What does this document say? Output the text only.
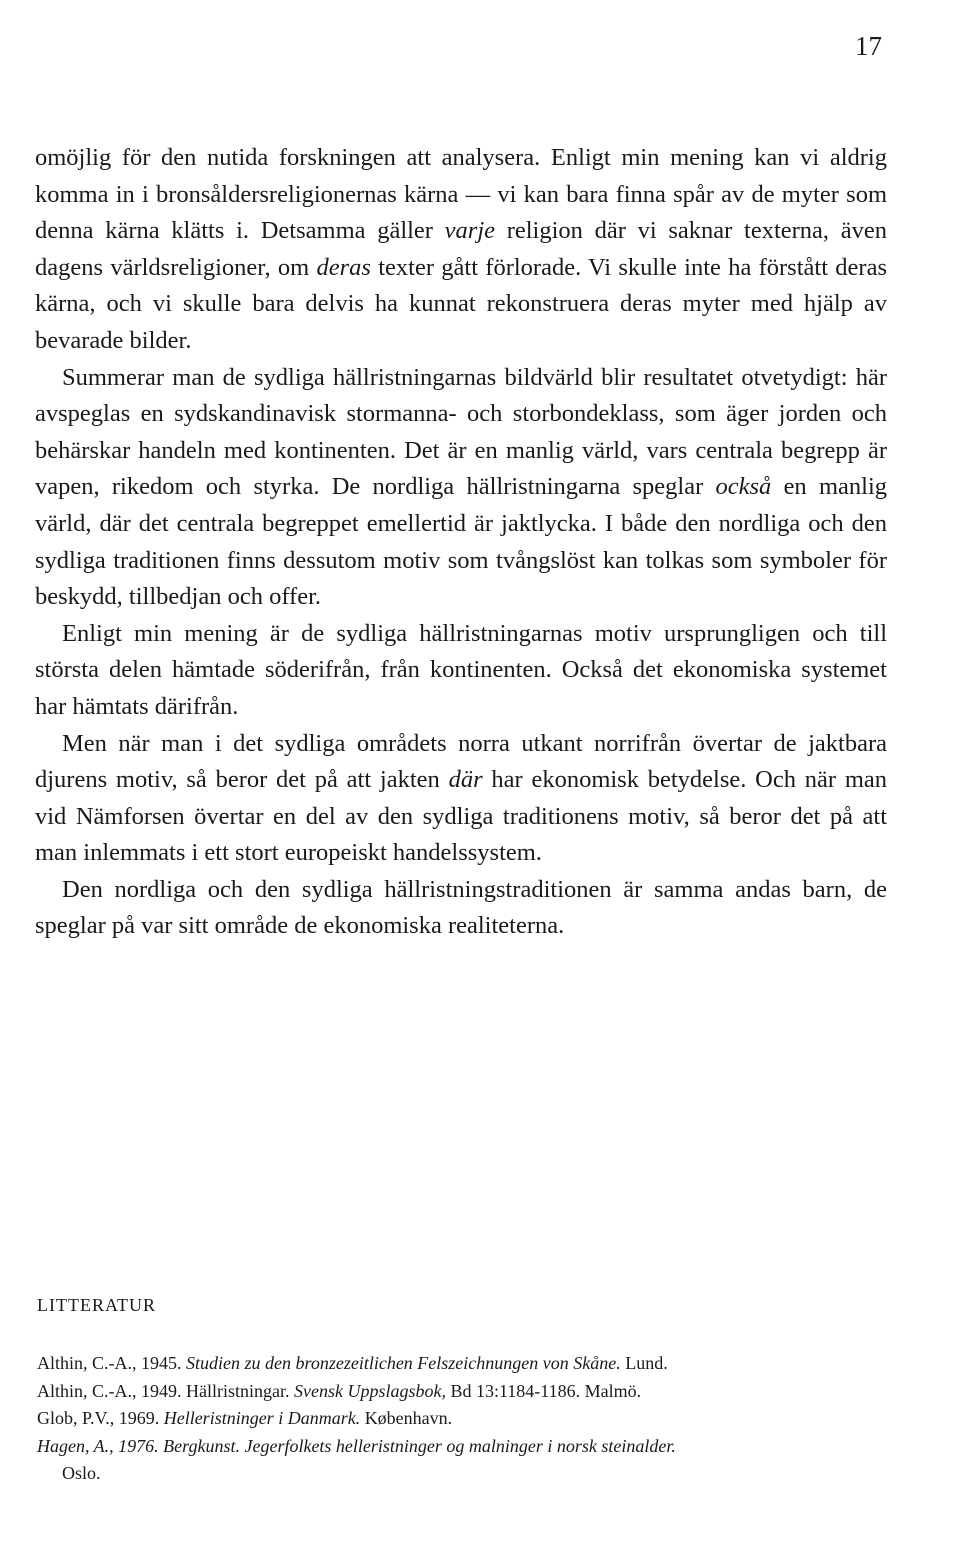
17

omöjlig för den nutida forskningen att analysera. Enligt min mening kan vi aldrig komma in i bronsåldersreligionernas kärna — vi kan bara finna spår av de myter som denna kärna klätts i. Detsamma gäller varje religion där vi saknar texterna, även dagens världsreligioner, om deras texter gått förlorade. Vi skulle inte ha förstått deras kärna, och vi skulle bara delvis ha kunnat rekonstruera deras myter med hjälp av bevarade bilder.

Summerar man de sydliga hällristningarnas bildvärld blir resultatet otvetydigt: här avspeglas en sydskandinavisk stormanna- och storbondeklass, som äger jorden och behärskar handeln med kontinenten. Det är en manlig värld, vars centrala begrepp är vapen, rikedom och styrka. De nordliga hällristningarna speglar också en manlig värld, där det centrala begreppet emellertid är jaktlycka. I både den nordliga och den sydliga traditionen finns dessutom motiv som tvångslöst kan tolkas som symboler för beskydd, tillbedjan och offer.

Enligt min mening är de sydliga hällristningarnas motiv ursprungligen och till största delen hämtade söderifrån, från kontinenten. Också det ekonomiska systemet har hämtats därifrån.

Men när man i det sydliga områdets norra utkant norrifrån övertar de jaktbara djurens motiv, så beror det på att jakten där har ekonomisk betydelse. Och när man vid Nämforsen övertar en del av den sydliga traditionens motiv, så beror det på att man inlemmats i ett stort europeiskt handelssystem.

Den nordliga och den sydliga hällristningstraditionen är samma andas barn, de speglar på var sitt område de ekonomiska realiteterna.

LITTERATUR

Althin, C.-A., 1945. Studien zu den bronzezeitlichen Felszeichnungen von Skåne. Lund.

Althin, C.-A., 1949. Hällristningar. Svensk Uppslagsbok, Bd 13:1184-1186. Malmö.

Glob, P.V., 1969. Helleristninger i Danmark. København.

Hagen, A., 1976. Bergkunst. Jegerfolkets helleristninger og malninger i norsk steinalder.

Oslo.
